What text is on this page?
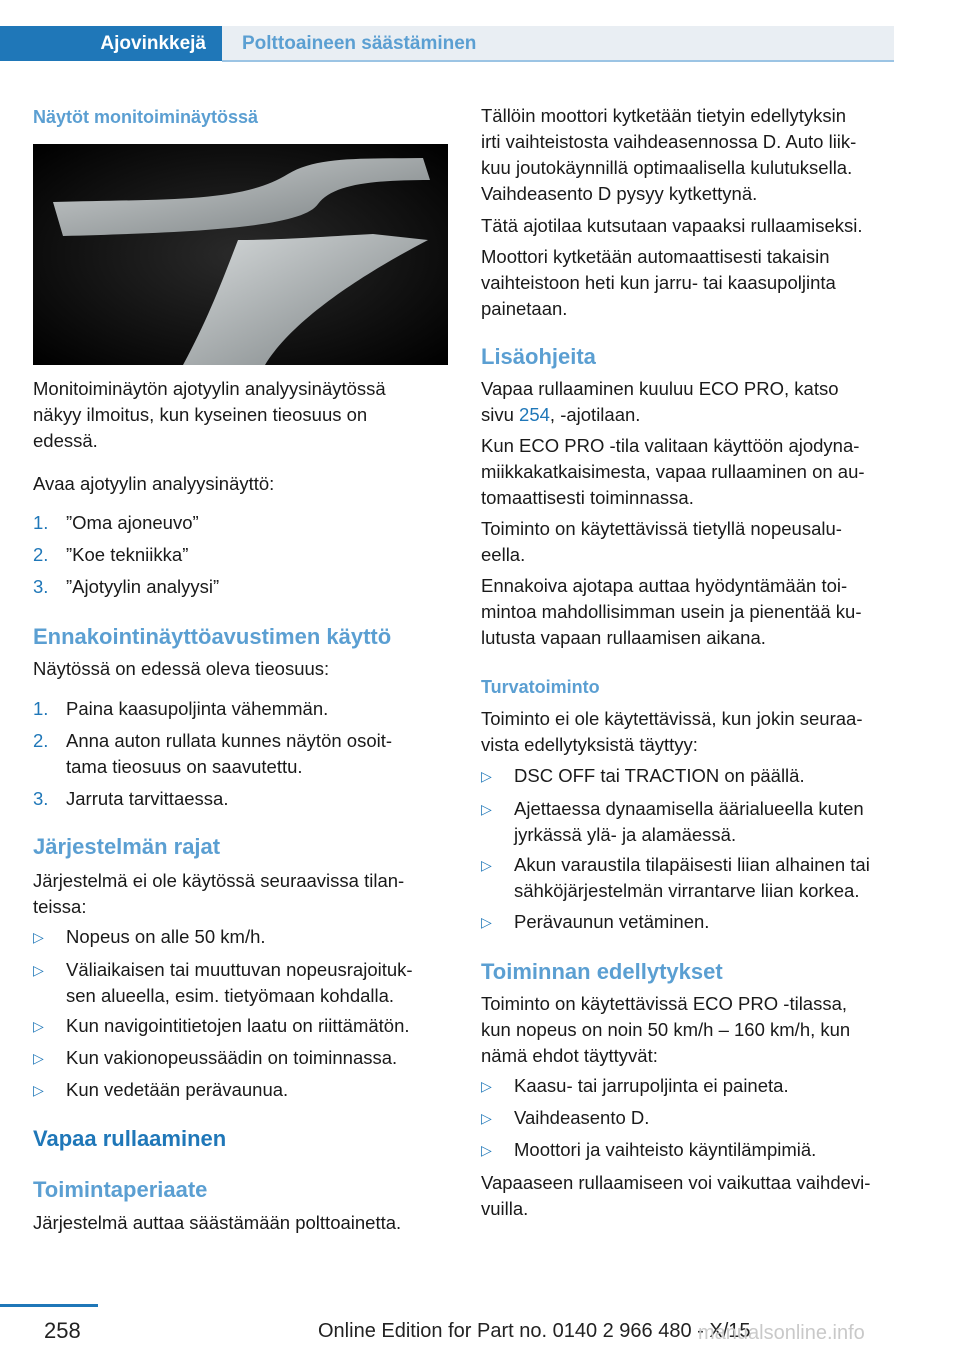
Ajovinkkejä	Polttoaineen säästäminen
Näytöt monitoiminäytössä
Monitoiminäytön ajotyylin analyysinäytössä
näkyy ilmoitus, kun kyseinen tieosuus on
edessä.
Avaa ajotyylin analyysinäyttö:
1. ”Oma ajoneuvo”
2. ”Koe tekniikka”
3. ”Ajotyylin analyysi”
Ennakointinäyttöavustimen käyttö
Näytössä on edessä oleva tieosuus:
1. Paina kaasupoljinta vähemmän.
2. Anna auton rullata kunnes näytön osoit-
tama tieosuus on saavutettu.
3. Jarruta tarvittaessa.
Järjestelmän rajat
Järjestelmä ei ole käytössä seuraavissa tilan-
teissa:
▷	Nopeus on alle 50 km/h.
▷	Väliaikaisen tai muuttuvan nopeusrajoituk-
sen alueella, esim. tietyömaan kohdalla.
▷	Kun navigointitietojen laatu on riittämätön.
▷	Kun vakionopeussäädin on toiminnassa.
▷	Kun vedetään perävaunua.
Vapaa rullaaminen
Toimintaperiaate
Järjestelmä auttaa säästämään polttoainetta.
Tällöin moottori kytketään tietyin edellytyksin
irti vaihteistosta vaihdeasennossa D. Auto liik-
kuu joutokäynnillä optimaalisella kulutuksella.
Vaihdeasento D pysyy kytkettynä.
Tätä ajotilaa kutsutaan vapaaksi rullaamiseksi.
Moottori kytketään automaattisesti takaisin
vaihteistoon heti kun jarru- tai kaasupoljinta
painetaan.
Lisäohjeita
Vapaa rullaaminen kuuluu ECO PRO, katso
sivu 254, -ajotilaan.
Kun ECO PRO -tila valitaan käyttöön ajodyna-
miikkakatkaisimesta, vapaa rullaaminen on au-
tomaattisesti toiminnassa.
Toiminto on käytettävissä tietyllä nopeusalu-
eella.
Ennakoiva ajotapa auttaa hyödyntämään toi-
mintoa mahdollisimman usein ja pienentää ku-
lutusta vapaan rullaamisen aikana.
Turvatoiminto
Toiminto ei ole käytettävissä, kun jokin seuraa-
vista edellytyksistä täyttyy:
▷	DSC OFF tai TRACTION on päällä.
▷	Ajettaessa dynaamisella äärialueella kuten
jyrkässä ylä- ja alamäessä.
▷	Akun varaustila tilapäisesti liian alhainen tai
sähköjärjestelmän virrantarve liian korkea.
▷	Perävaunun vetäminen.
Toiminnan edellytykset
Toiminto on käytettävissä ECO PRO -tilassa,
kun nopeus on noin 50 km/h – 160 km/h, kun
nämä ehdot täyttyvät:
▷	Kaasu- tai jarrupoljinta ei paineta.
▷	Vaihdeasento D.
▷	Moottori ja vaihteisto käyntilämpimiä.
Vapaaseen rullaamiseen voi vaikuttaa vaihdevi-
vuilla.
258	Online Edition for Part no. 0140 2 966 480 - X/15
manualsonline.info
